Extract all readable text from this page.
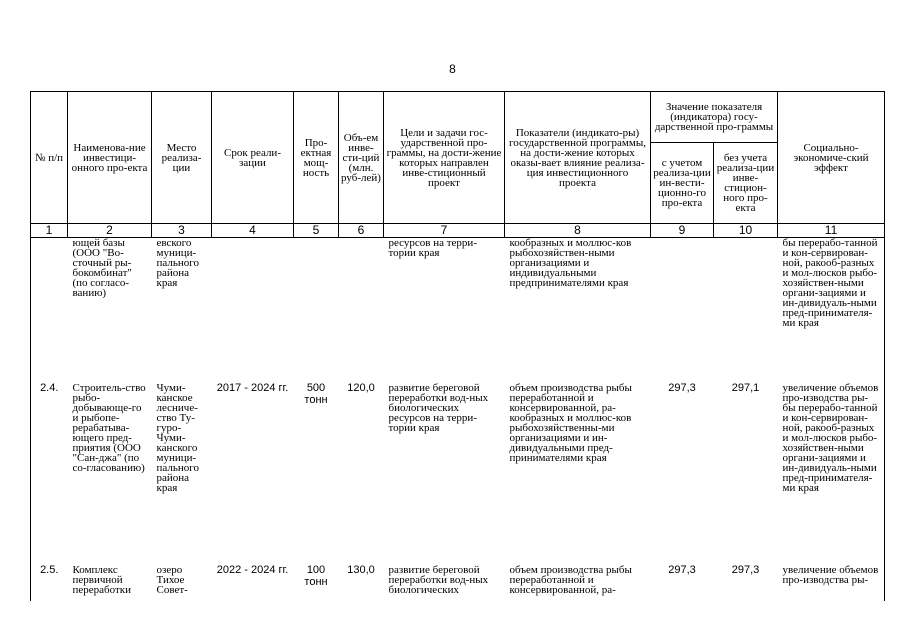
8
№ п/п	Наименова-ние инвестици-онного про-екта	Место реализа-ции	Срок реали-зации	Про-ектная мощ-ность	Объ-ем инве-сти-ций (млн. руб-лей)	Цели и задачи гос-ударственной про-граммы, на дости-жение которых направлен инве-стиционный проект	Показатели (индикато-ры) государственной программы, на дости-жение которых оказы-вает влияние реализа-ция инвестиционного проекта	Значение показателя (индикатора) госу-дарственной про-граммы		Социально-экономиче-ский эффект
								с учетом реализа-ции ин-вести-ционно-го про-екта	без учета реализа-ции инве-стицион-ного про-екта	
1	2	3	4	5	6	7	8	9	10	11
	ющей базы (ООО "Во-сточный ры-бокомбинат" (по согласо-ванию)	евского муници-пального района края				ресурсов на терри-тории края	кообразных и моллюс-ков рыбохозяйствен-ными организациями и индивидуальными предпринимателями края			бы перерабо-танной и кон-сервирован-ной, ракооб-разных и мол-люсков рыбо-хозяйствен-ными органи-зациями и ин-дивидуаль-ными пред-принимателя-ми края
2.4.	Строитель-ство рыбо-добывающе-го и рыбопе-рерабатыва-ющего пред-приятия (ООО "Сан-джа" (по со-гласованию)	Чуми-канское лесниче-ство Ту-гуро-Чуми-канского муници-пального района края	2017 - 2024 гг.	500 тонн	120,0	развитие береговой переработки вод-ных биологических ресурсов на терри-тории края	объем производства рыбы переработанной и консервированной, ра-кообразных и моллюс-ков рыбохозяйственны-ми организациями и ин-дивидуальными пред-принимателями края	297,3	297,1	увеличение объемов про-изводства ры-бы перерабо-танной и кон-сервирован-ной, ракооб-разных и мол-люсков рыбо-хозяйствен-ными органи-зациями и ин-дивидуаль-ными пред-принимателя-ми края
2.5.	Комплекс первичной переработки	озеро Тихое Совет-	2022 - 2024 гг.	100 тонн	130,0	развитие береговой переработки вод-ных биологических	объем производства рыбы переработанной и консервированной, ра-	297,3	297,3	увеличение объемов про-изводства ры-
